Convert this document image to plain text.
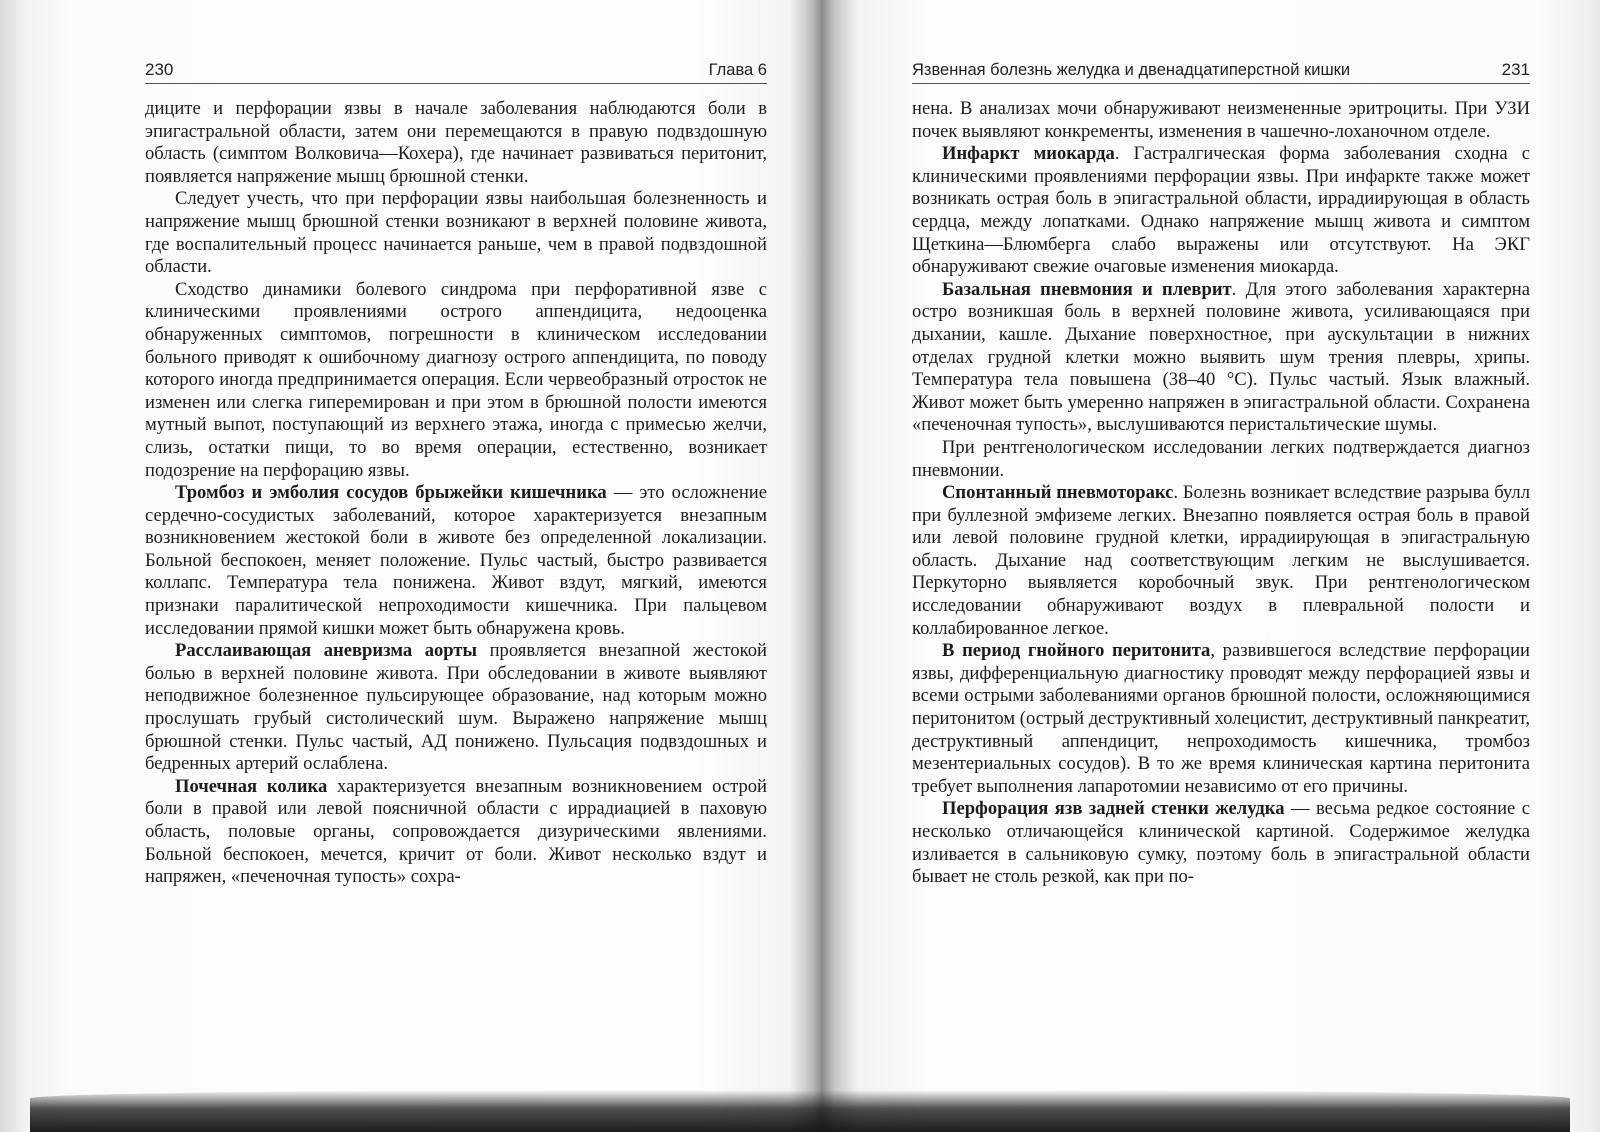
230	Глава 6

диците и перфорации язвы в начале заболевания наблюдаются боли в эпигастральной области, затем они перемещаются в правую подвздошную область (симптом Волковича—Кохера), где начинает развиваться перитонит, появляется напряжение мышц брюшной стенки.

Следует учесть, что при перфорации язвы наибольшая болезненность и напряжение мышц брюшной стенки возникают в верхней половине живота, где воспалительный процесс начинается раньше, чем в правой подвздошной области.

Сходство динамики болевого синдрома при перфоративной язве с клиническими проявлениями острого аппендицита, недооценка обнаруженных симптомов, погрешности в клиническом исследовании больного приводят к ошибочному диагнозу острого аппендицита, по поводу которого иногда предпринимается операция. Если червеобразный отросток не изменен или слегка гиперемирован и при этом в брюшной полости имеются мутный выпот, поступающий из верхнего этажа, иногда с примесью желчи, слизь, остатки пищи, то во время операции, естественно, возникает подозрение на перфорацию язвы.

Тромбоз и эмболия сосудов брыжейки кишечника — это осложнение сердечно-сосудистых заболеваний, которое характеризуется внезапным возникновением жестокой боли в животе без определенной локализации. Больной беспокоен, меняет положение. Пульс частый, быстро развивается коллапс. Температура тела понижена. Живот вздут, мягкий, имеются признаки паралитической непроходимости кишечника. При пальцевом исследовании прямой кишки может быть обнаружена кровь.

Расслаивающая аневризма аорты проявляется внезапной жестокой болью в верхней половине живота. При обследовании в животе выявляют неподвижное болезненное пульсирующее образование, над которым можно прослушать грубый систолический шум. Выражено напряжение мышц брюшной стенки. Пульс частый, АД понижено. Пульсация подвздошных и бедренных артерий ослаблена.

Почечная колика характеризуется внезапным возникновением острой боли в правой или левой поясничной области с иррадиацией в паховую область, половые органы, сопровождается дизурическими явлениями. Больной беспокоен, мечется, кричит от боли. Живот несколько вздут и напряжен, «печеночная тупость» сохра-

Язвенная болезнь желудка и двенадцатиперстной кишки	231

нена. В анализах мочи обнаруживают неизмененные эритроциты. При УЗИ почек выявляют конкременты, изменения в чашечно-лоханочном отделе.

Инфаркт миокарда. Гастралгическая форма заболевания сходна с клиническими проявлениями перфорации язвы. При инфаркте также может возникать острая боль в эпигастральной области, иррадиирующая в область сердца, между лопатками. Однако напряжение мышц живота и симптом Щеткина—Блюмберга слабо выражены или отсутствуют. На ЭКГ обнаруживают свежие очаговые изменения миокарда.

Базальная пневмония и плеврит. Для этого заболевания характерна остро возникшая боль в верхней половине живота, усиливающаяся при дыхании, кашле. Дыхание поверхностное, при аускультации в нижних отделах грудной клетки можно выявить шум трения плевры, хрипы. Температура тела повышена (38–40 °С). Пульс частый. Язык влажный. Живот может быть умеренно напряжен в эпигастральной области. Сохранена «печеночная тупость», выслушиваются перистальтические шумы.

При рентгенологическом исследовании легких подтверждается диагноз пневмонии.

Спонтанный пневмоторакс. Болезнь возникает вследствие разрыва булл при буллезной эмфиземе легких. Внезапно появляется острая боль в правой или левой половине грудной клетки, иррадиирующая в эпигастральную область. Дыхание над соответствующим легким не выслушивается. Перкуторно выявляется коробочный звук. При рентгенологическом исследовании обнаруживают воздух в плевральной полости и коллабированное легкое.

В период гнойного перитонита, развившегося вследствие перфорации язвы, дифференциальную диагностику проводят между перфорацией язвы и всеми острыми заболеваниями органов брюшной полости, осложняющимися перитонитом (острый деструктивный холецистит, деструктивный панкреатит, деструктивный аппендицит, непроходимость кишечника, тромбоз мезентериальных сосудов). В то же время клиническая картина перитонита требует выполнения лапаротомии независимо от его причины.

Перфорация язв задней стенки желудка — весьма редкое состояние с несколько отличающейся клинической картиной. Содержимое желудка изливается в сальниковую сумку, поэтому боль в эпигастральной области бывает не столь резкой, как при по-
